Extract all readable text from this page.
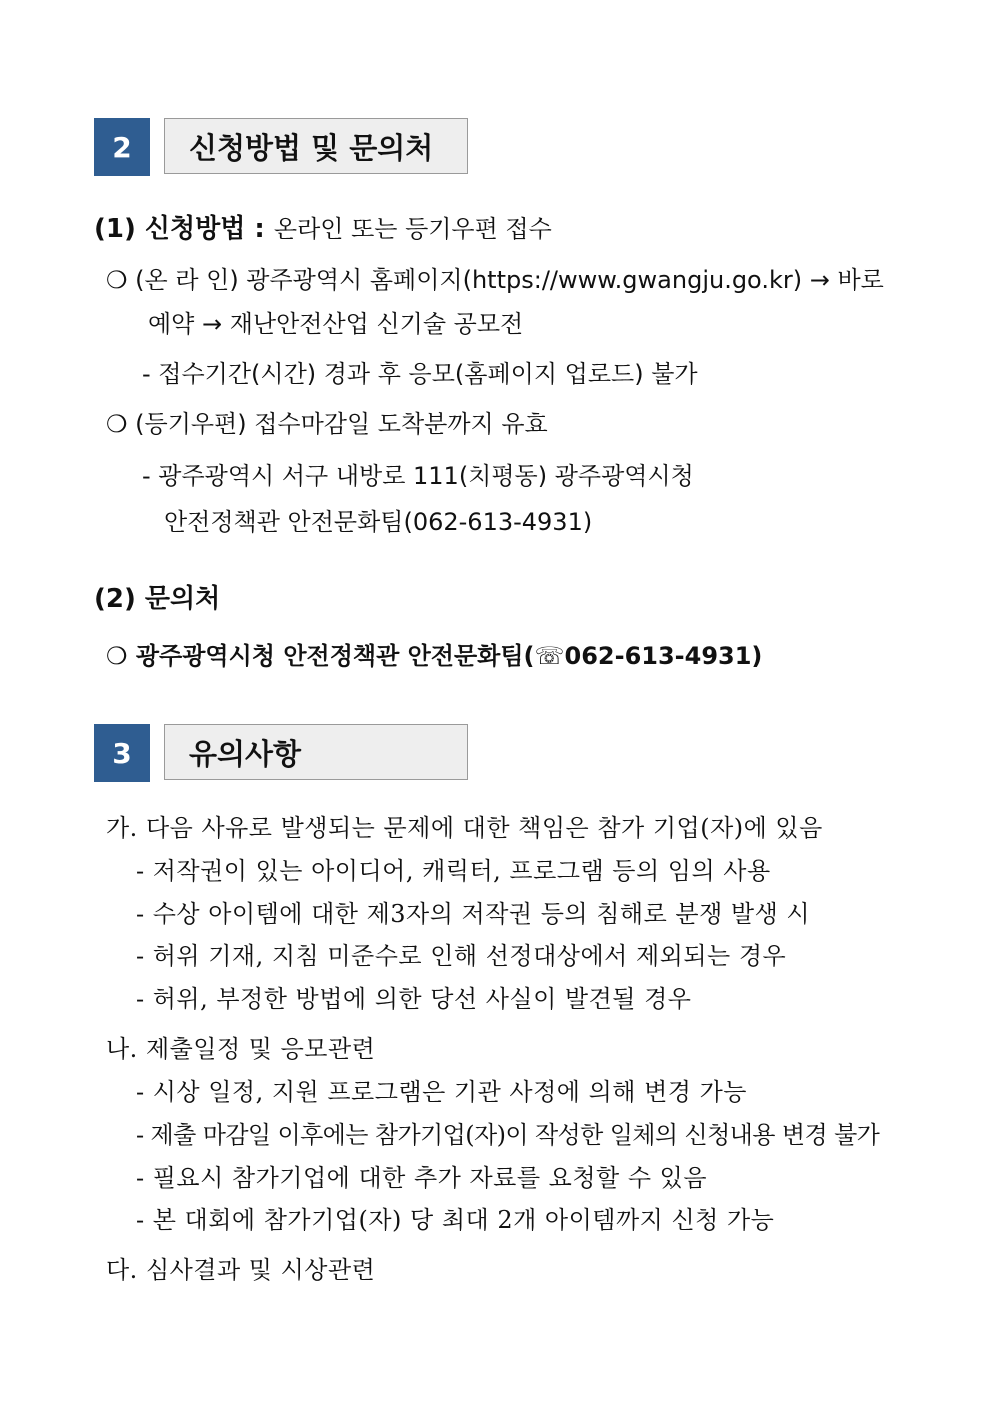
2	신청방법 및 문의처
(1) 신청방법 : 온라인 또는 등기우편 접수
❍ (온 라 인) 광주광역시 홈페이지(https://www.gwangju.go.kr) → 바로
예약 → 재난안전산업 신기술 공모전
- 접수기간(시간) 경과 후 응모(홈페이지 업로드) 불가
❍ (등기우편) 접수마감일 도착분까지 유효
- 광주광역시 서구 내방로 111(치평동) 광주광역시청
안전정책관 안전문화팀(062-613-4931)
(2) 문의처
❍ 광주광역시청 안전정책관 안전문화팀(☏062-613-4931)
3	유의사항
가. 다음 사유로 발생되는 문제에 대한 책임은 참가 기업(자)에 있음
- 저작권이 있는 아이디어, 캐릭터, 프로그램 등의 임의 사용
- 수상 아이템에 대한 제3자의 저작권 등의 침해로 분쟁 발생 시
- 허위 기재, 지침 미준수로 인해 선정대상에서 제외되는 경우
- 허위, 부정한 방법에 의한 당선 사실이 발견될 경우
나. 제출일정 및 응모관련
- 시상 일정, 지원 프로그램은 기관 사정에 의해 변경 가능
- 제출 마감일 이후에는 참가기업(자)이 작성한 일체의 신청내용 변경 불가
- 필요시 참가기업에 대한 추가 자료를 요청할 수 있음
- 본 대회에 참가기업(자) 당 최대 2개 아이템까지 신청 가능
다. 심사결과 및 시상관련
